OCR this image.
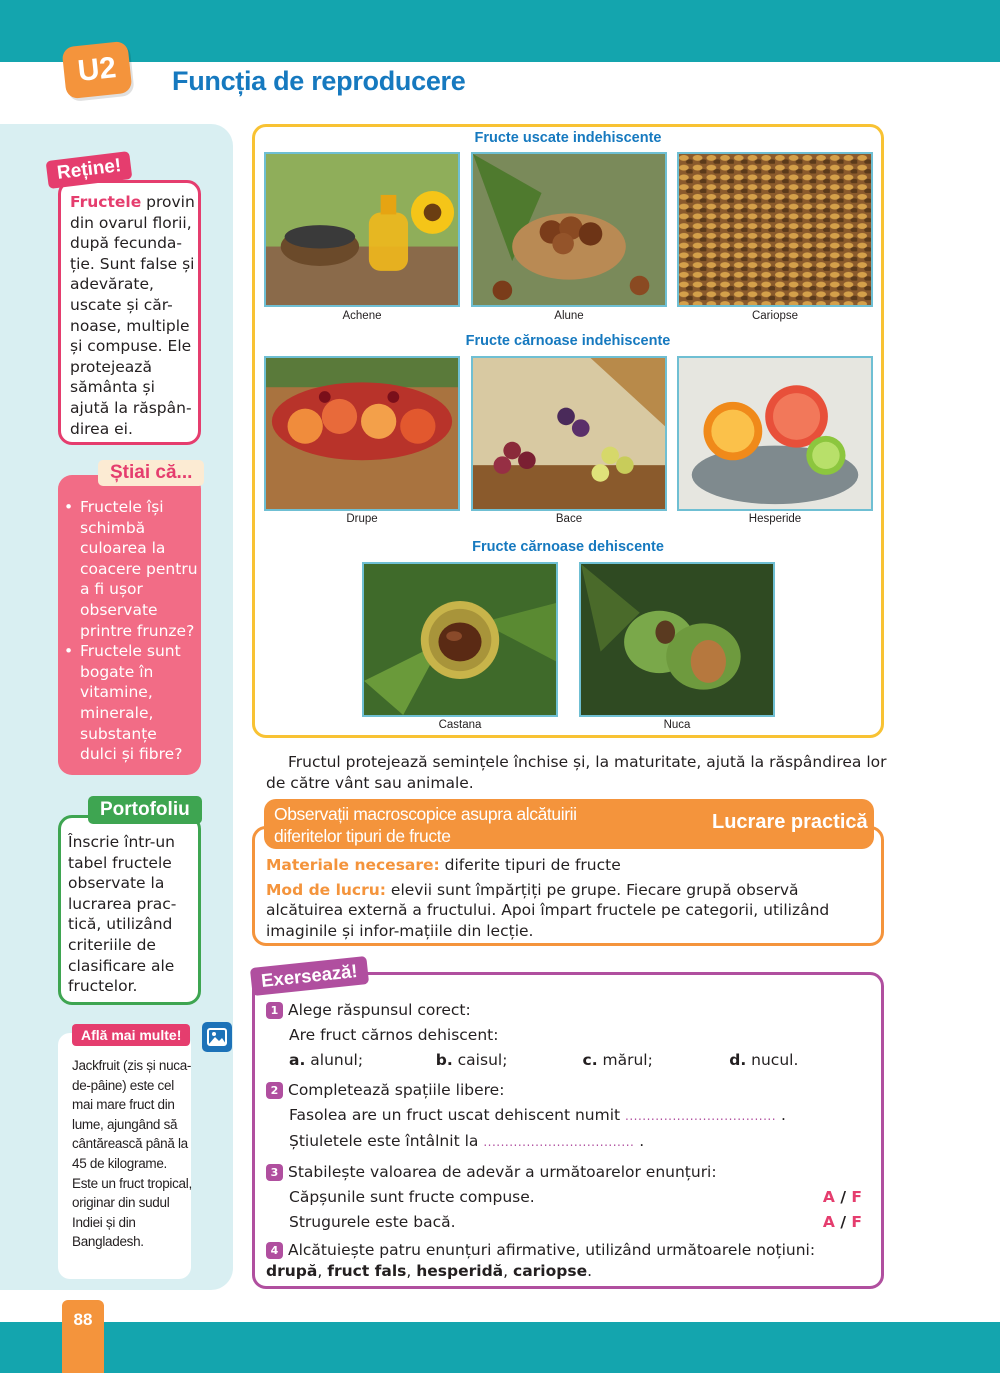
U2	Funcția de reproducere
Reține!
Fructele provin din ovarul florii, după fecunda-ție. Sunt false și adevărate, uscate și căr-noase, multiple și compuse. Ele protejează sământa și ajută la răspân-direa ei.
Știai că...
• Fructele își schimbă culoarea la coacere pentru a fi ușor observate printre frunze?
• Fructele sunt bogate în vitamine, minerale, substanțe dulci și fibre?
Portofoliu
Înscrie într-un tabel fructele observate la lucrarea prac-tică, utilizând criteriile de clasificare ale fructelor.
Află mai multe!
Jackfruit (zis și nuca-de-pâine) este cel mai mare fruct din lume, ajungând să cântărească până la 45 de kilograme. Este un fruct tropical, originar din sudul Indiei și din Bangladesh.
Fructe uscate indehiscente
Fructe cărnoase indehiscente
Fructe cărnoase dehiscente
Achene	Alune	Cariopse
Drupe	Bace	Hesperide
Castana	Nuca
Fructul protejează semințele închise și, la maturitate, ajută la răspândirea lor de către vânt sau animale.
Observații macroscopice asupra alcătuirii diferitelor tipuri de fructe
Lucrare practică
Materiale necesare: diferite tipuri de fructe
Mod de lucru: elevii sunt împărțiți pe grupe. Fiecare grupă observă alcătuirea externă a fructului. Apoi împart fructele pe categorii, utilizând imaginile și infor-mațiile din lecție.
Exersează!
1 Alege răspunsul corect:
Are fruct cărnos dehiscent:
a. alunul;	b. caisul;	c. mărul;	d. nucul.
2 Completează spațiile libere:
Fasolea are un fruct uscat dehiscent numit ................................... .
Știuletele este întâlnit la ................................... .
3 Stabilește valoarea de adevăr a următoarelor enunțuri:
Căpșunile sunt fructe compuse.	A / F
Strugurele este bacă.	A / F
4 Alcătuiește patru enunțuri afirmative, utilizând următoarele noțiuni: drupă, fruct fals, hesperidă, cariopse.
88
